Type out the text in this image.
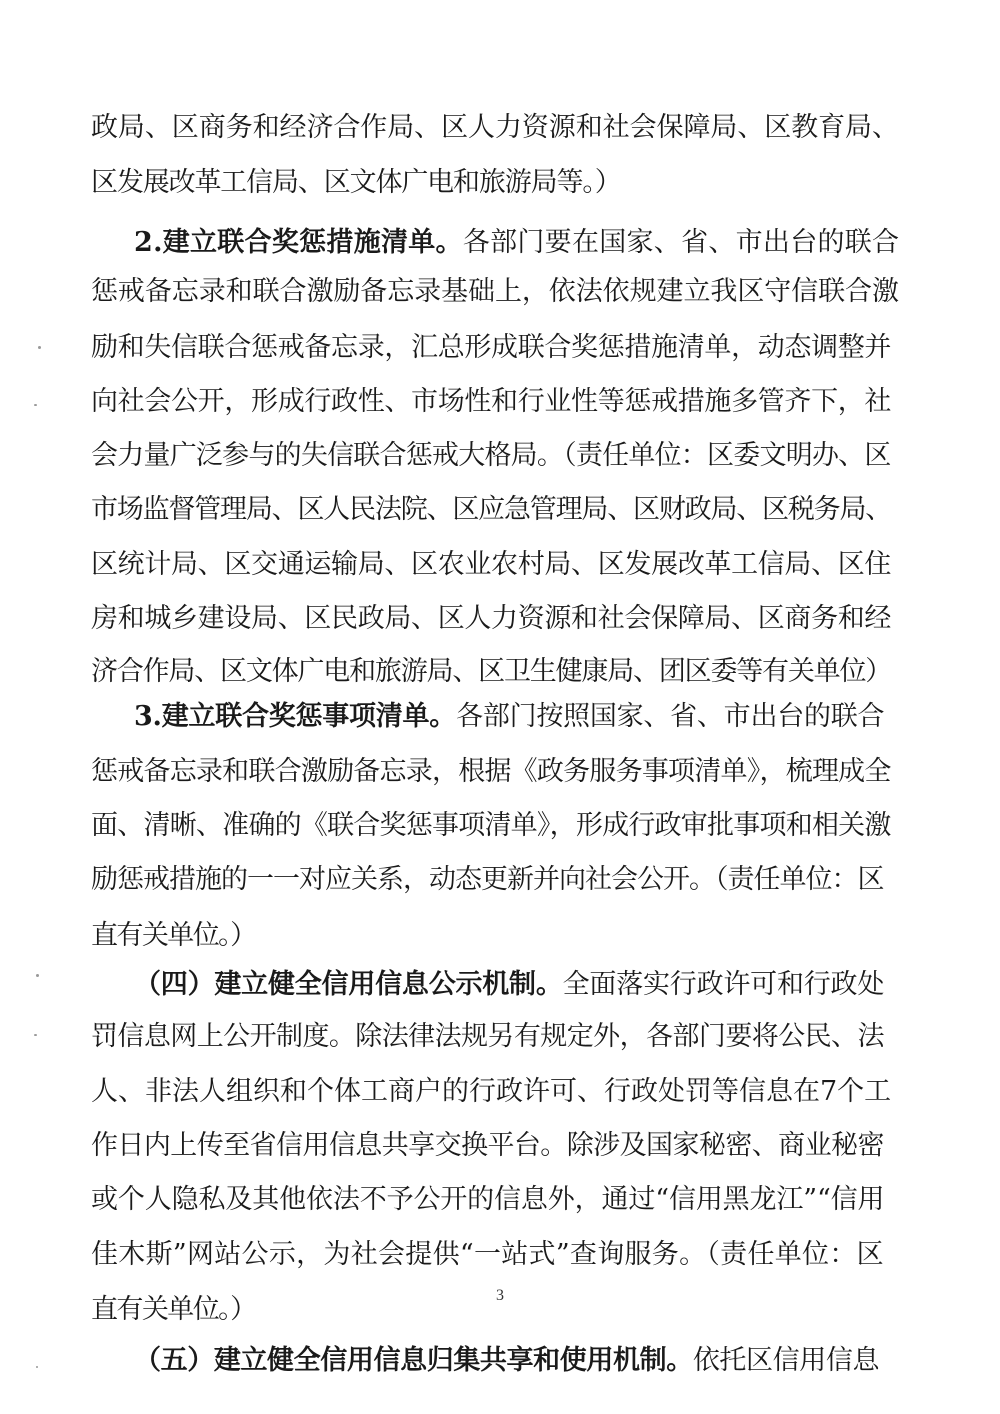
政局、区商务和经济合作局、区人力资源和社会保障局、区教育局、
区发展改革工信局、区文体广电和旅游局等。）
2.建立联合奖惩措施清单。各部门要在国家、省、市出台的联合
惩戒备忘录和联合激励备忘录基础上，依法依规建立我区守信联合激
励和失信联合惩戒备忘录，汇总形成联合奖惩措施清单，动态调整并
向社会公开，形成行政性、市场性和行业性等惩戒措施多管齐下，社
会力量广泛参与的失信联合惩戒大格局。（责任单位：区委文明办、区
市场监督管理局、区人民法院、区应急管理局、区财政局、区税务局、
区统计局、区交通运输局、区农业农村局、区发展改革工信局、区住
房和城乡建设局、区民政局、区人力资源和社会保障局、区商务和经
济合作局、区文体广电和旅游局、区卫生健康局、团区委等有关单位）
3.建立联合奖惩事项清单。各部门按照国家、省、市出台的联合
惩戒备忘录和联合激励备忘录，根据《政务服务事项清单》，梳理成全
面、清晰、准确的《联合奖惩事项清单》，形成行政审批事项和相关激
励惩戒措施的一一对应关系，动态更新并向社会公开。（责任单位：区
直有关单位。）
（四）建立健全信用信息公示机制。全面落实行政许可和行政处
罚信息网上公开制度。除法律法规另有规定外，各部门要将公民、法
人、非法人组织和个体工商户的行政许可、行政处罚等信息在7个工
作日内上传至省信用信息共享交换平台。除涉及国家秘密、商业秘密
或个人隐私及其他依法不予公开的信息外，通过“信用黑龙江”“信用
佳木斯”网站公示，为社会提供“一站式”查询服务。（责任单位：区
直有关单位。）
（五）建立健全信用信息归集共享和使用机制。依托区信用信息
3
